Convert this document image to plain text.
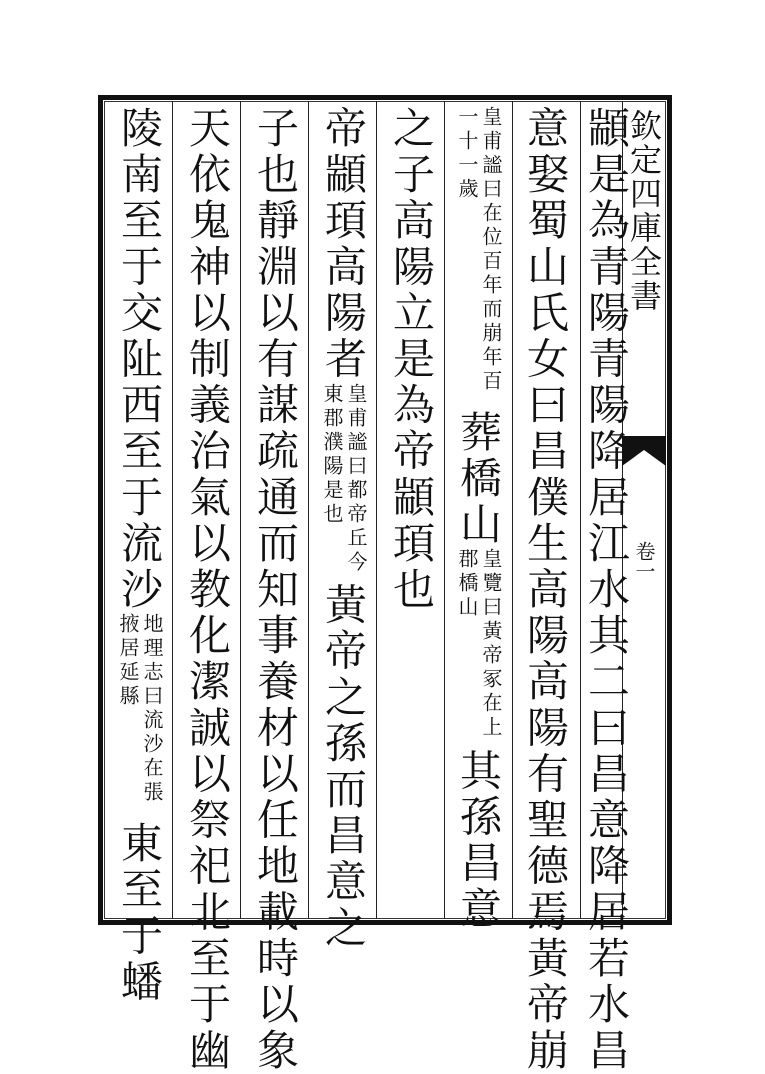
欽定四庫全書
卷一
顓是為青陽青陽降居江水其二曰昌意降居若水昌
意娶蜀山氏女曰昌僕生高陽高陽有聖德焉黃帝崩
皇甫謐曰在位百年而崩年百一十一歲葬橋山皇覽曰黃帝冢在上郡橋山其孫昌意
之子高陽立是為帝顓頊也
帝顓頊高陽者皇甫謐曰都帝丘今東郡濮陽是也黃帝之孫而昌意之
子也靜淵以有謀疏通而知事養材以任地載時以象
天依鬼神以制義治氣以教化潔誠以祭祀北至于幽
陵南至于交阯西至于流沙地理志曰流沙在張掖居延縣東至于蟠
